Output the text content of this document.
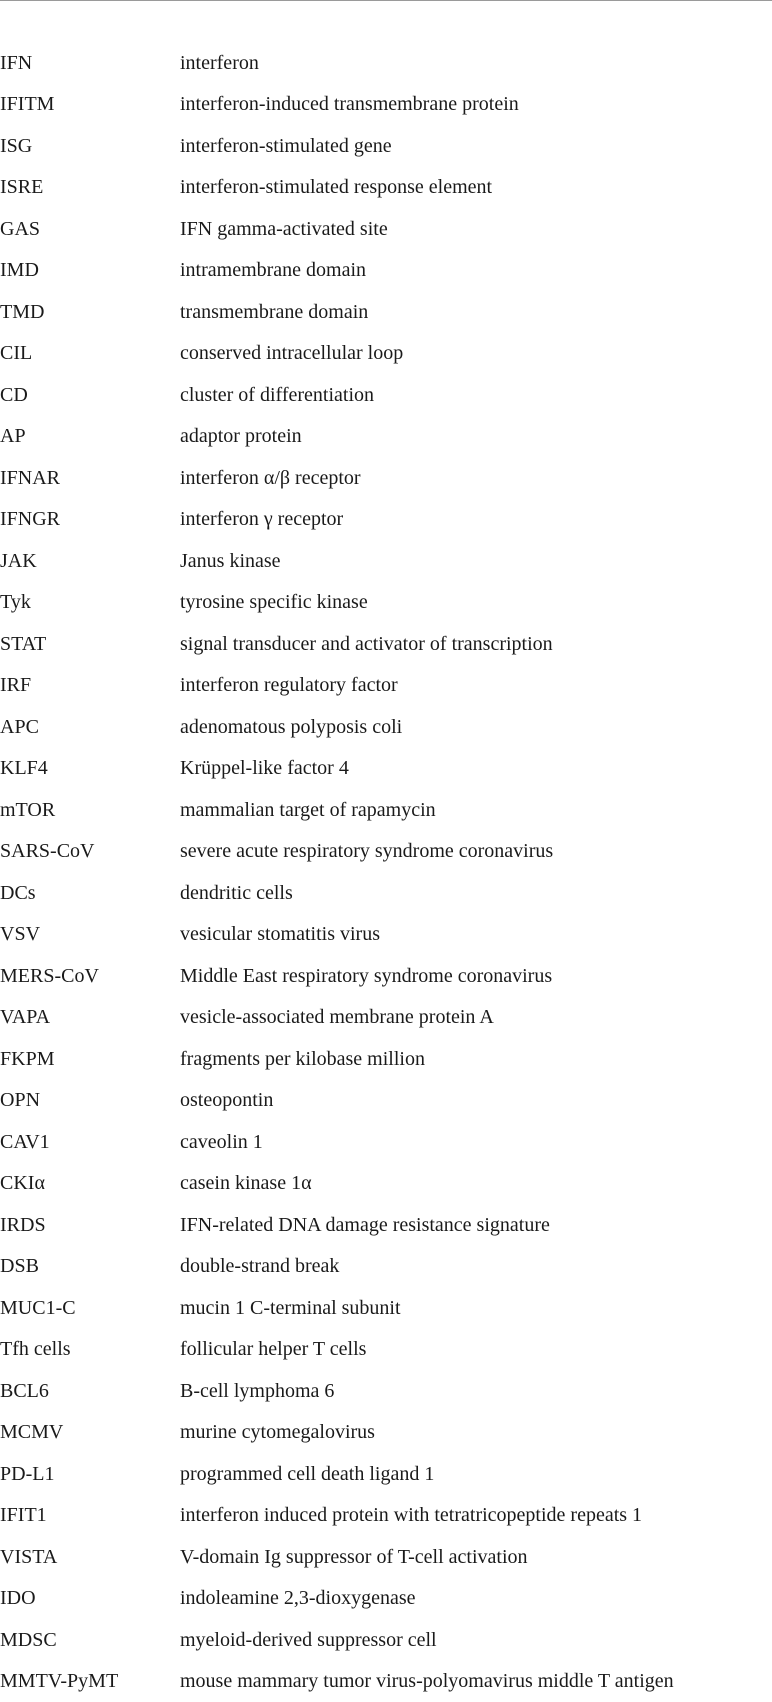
IFN	interferon
IFITM	interferon-induced transmembrane protein
ISG	interferon-stimulated gene
ISRE	interferon-stimulated response element
GAS	IFN gamma-activated site
IMD	intramembrane domain
TMD	transmembrane domain
CIL	conserved intracellular loop
CD	cluster of differentiation
AP	adaptor protein
IFNAR	interferon α/β receptor
IFNGR	interferon γ receptor
JAK	Janus kinase
Tyk	tyrosine specific kinase
STAT	signal transducer and activator of transcription
IRF	interferon regulatory factor
APC	adenomatous polyposis coli
KLF4	Krüppel-like factor 4
mTOR	mammalian target of rapamycin
SARS-CoV	severe acute respiratory syndrome coronavirus
DCs	dendritic cells
VSV	vesicular stomatitis virus
MERS-CoV	Middle East respiratory syndrome coronavirus
VAPA	vesicle-associated membrane protein A
FKPM	fragments per kilobase million
OPN	osteopontin
CAV1	caveolin 1
CKIα	casein kinase 1α
IRDS	IFN-related DNA damage resistance signature
DSB	double-strand break
MUC1-C	mucin 1 C-terminal subunit
Tfh cells	follicular helper T cells
BCL6	B-cell lymphoma 6
MCMV	murine cytomegalovirus
PD-L1	programmed cell death ligand 1
IFIT1	interferon induced protein with tetratricopeptide repeats 1
VISTA	V-domain Ig suppressor of T-cell activation
IDO	indoleamine 2,3-dioxygenase
MDSC	myeloid-derived suppressor cell
MMTV-PyMT	mouse mammary tumor virus-polyomavirus middle T antigen
